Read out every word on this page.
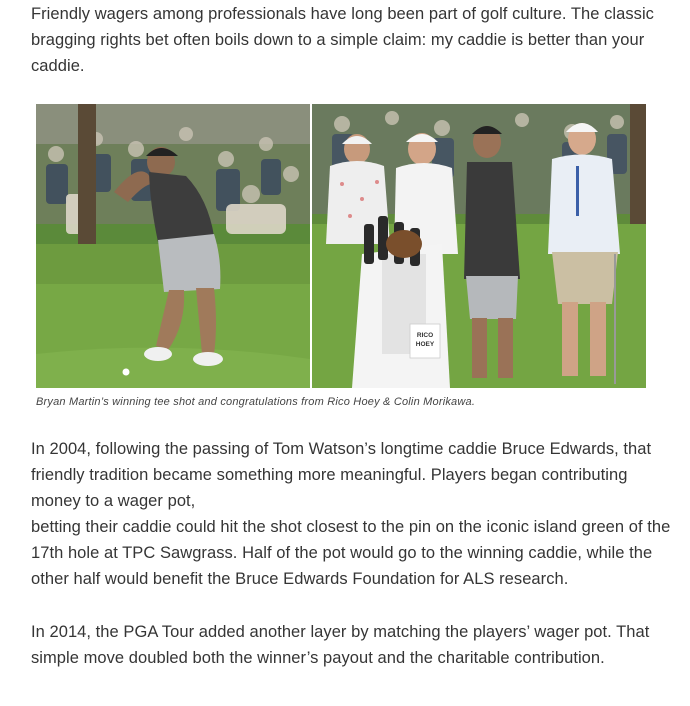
Friendly wagers among professionals have long been part of golf culture. The classic bragging rights bet often boils down to a simple claim: my caddie is better than your caddie.

RICO
HOEY

Bryan Martin’s winning tee shot and congratulations from Rico Hoey & Colin Morikawa.

In 2004, following the passing of Tom Watson’s longtime caddie Bruce Edwards, that friendly tradition became something more meaningful. Players began contributing money to a wager pot,
betting their caddie could hit the shot closest to the pin on the iconic island green of the 17th hole at TPC Sawgrass. Half of the pot would go to the winning caddie, while the other half would benefit the Bruce Edwards Foundation for ALS research.

In 2014, the PGA Tour added another layer by matching the players’ wager pot. That simple move doubled both the winner’s payout and the charitable contribution.
